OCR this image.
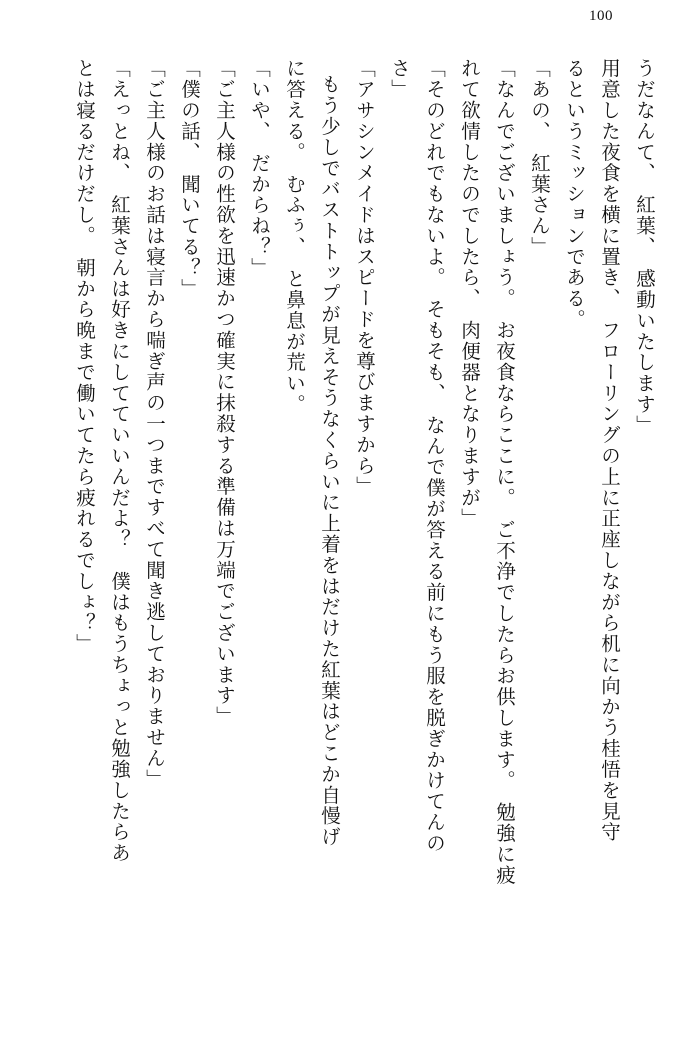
100
うだなんて、　紅葉、　感動いたします」
用意した夜食を横に置き、　フローリングの上に正座しながら机に向かう桂悟を見守
るというミッションである。
「あの、　紅葉さん」
「なんでございましょう。　お夜食ならここに。　ご不浄でしたらお供します。　勉強に疲
れて欲情したのでしたら、　肉便器となりますが」
「そのどれでもないよ。　そもそも、　なんで僕が答える前にもう服を脱ぎかけてんの
さ」
「アサシンメイドはスピードを尊びますから」
もう少しでバストトップが見えそうなくらいに上着をはだけた紅葉はどこか自慢げ
に答える。　むふぅ、　と鼻息が荒い。
「いや、　だからね？」
「ご主人様の性欲を迅速かつ確実に抹殺する準備は万端でございます」
「僕の話、　聞いてる？」
「ご主人様のお話は寝言から喘ぎ声の一つまですべて聞き逃しておりません」
「えっとね、　紅葉さんは好きにしてていいんだよ？　僕はもうちょっと勉強したらあ
とは寝るだけだし。　朝から晩まで働いてたら疲れるでしょ？」
